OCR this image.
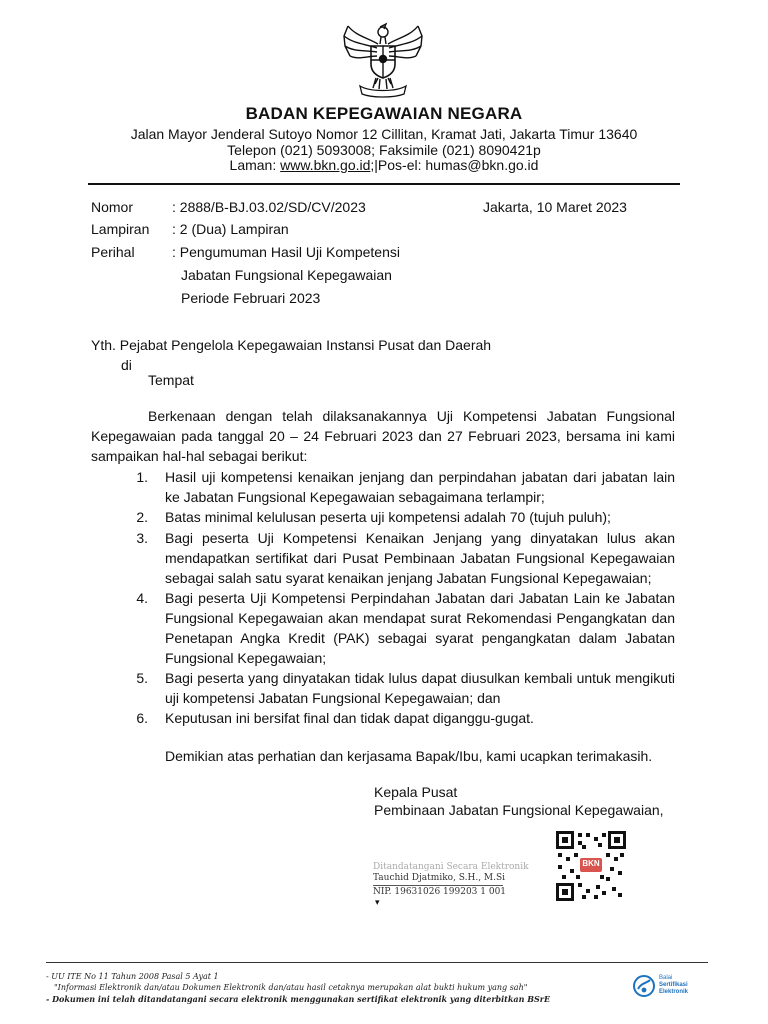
BADAN KEPEGAWAIAN NEGARA
Jalan Mayor Jenderal Sutoyo Nomor 12 Cillitan, Kramat Jati, Jakarta Timur 13640
Telepon (021) 5093008; Faksimile (021) 8090421p
Laman: www.bkn.go.id;|Pos-el: humas@bkn.go.id
Nomor	: 2888/B-BJ.03.02/SD/CV/2023	Jakarta, 10 Maret 2023
Lampiran : 2 (Dua) Lampiran
Perihal	: Pengumuman Hasil Uji Kompetensi
Jabatan Fungsional Kepegawaian
Periode Februari 2023
Yth. Pejabat Pengelola Kepegawaian Instansi Pusat dan Daerah
di
Tempat
Berkenaan dengan telah dilaksanakannya Uji Kompetensi Jabatan Fungsional
Kepegawaian pada tanggal 20 – 24 Februari 2023 dan 27 Februari 2023, bersama ini kami
sampaikan hal-hal sebagai berikut:
1. Hasil uji kompetensi kenaikan jenjang dan perpindahan jabatan dari jabatan lain
ke Jabatan Fungsional Kepegawaian sebagaimana terlampir;
2. Batas minimal kelulusan peserta uji kompetensi adalah 70 (tujuh puluh);
3. Bagi peserta Uji Kompetensi Kenaikan Jenjang yang dinyatakan lulus akan
mendapatkan sertifikat dari Pusat Pembinaan Jabatan Fungsional Kepegawaian
sebagai salah satu syarat kenaikan jenjang Jabatan Fungsional Kepegawaian;
4. Bagi peserta Uji Kompetensi Perpindahan Jabatan dari Jabatan Lain ke Jabatan
Fungsional Kepegawaian akan mendapat surat Rekomendasi Pengangkatan dan
Penetapan Angka Kredit (PAK) sebagai syarat pengangkatan dalam Jabatan
Fungsional Kepegawaian;
5. Bagi peserta yang dinyatakan tidak lulus dapat diusulkan kembali untuk mengikuti
uji kompetensi Jabatan Fungsional Kepegawaian; dan
6. Keputusan ini bersifat final dan tidak dapat diganggu-gugat.
Demikian atas perhatian dan kerjasama Bapak/Ibu, kami ucapkan terimakasih.
Kepala Pusat
Pembinaan Jabatan Fungsional Kepegawaian,
Ditandatangani Secara Elektronik
Tauchid Djatmiko, S.H., M.Si
NIP. 19631026 199203 1 001
▾
BKN
- UU ITE No 11 Tahun 2008 Pasal 5 Ayat 1
"Informasi Elektronik dan/atau Dokumen Elektronik dan/atau hasil cetaknya merupakan alat bukti hukum yang sah"
- Dokumen ini telah ditandatangani secara elektronik menggunakan sertifikat elektronik yang diterbitkan BSrE
Balai
Sertifikasi
Elektronik
